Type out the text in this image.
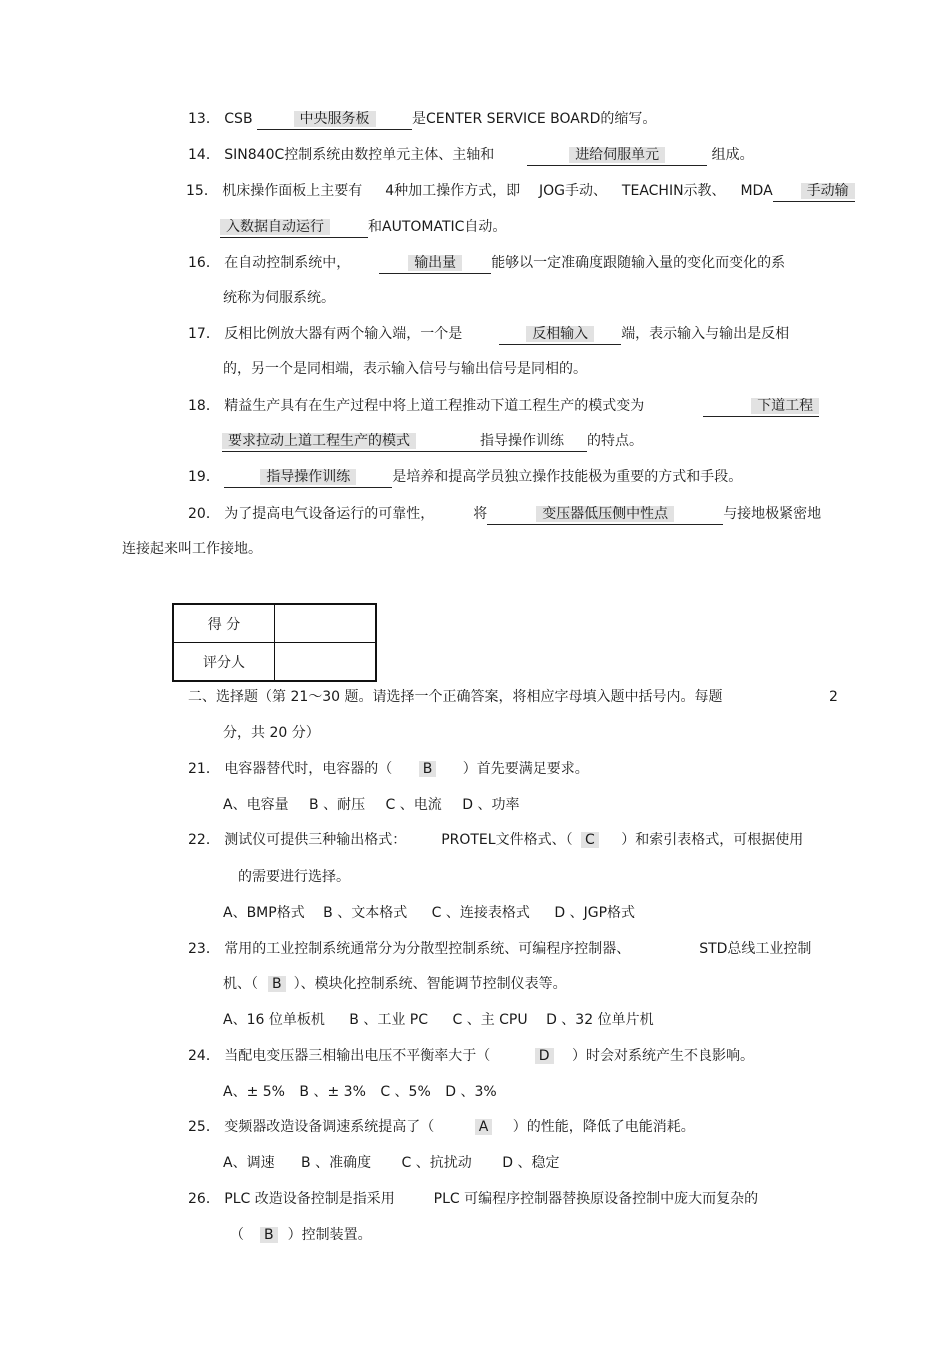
13． CSB	中央服务板	是CENTER SERVICE BOARD的缩写。
14． SIN840C控制系统由数控单元主体、主轴和	进给伺服单元	组成。
15． 机床操作面板上主要有 4种加工操作方式，即 JOG手动、 TEACHIN示教、 MDA 手动输
入数据自动运行	和AUTOMATIC自动。
16． 在自动控制系统中，	输出量	能够以一定准确度跟随输入量的变化而变化的系
统称为伺服系统。
17． 反相比例放大器有两个输入端，一个是	反相输入 端，表示输入与输出是反相
的，另一个是同相端，表示输入信号与输出信号是同相的。
18． 精益生产具有在生产过程中将上道工程推动下道工程生产的模式变为	下道工程
要求拉动上道工程生产的模式	指导操作训练 的特点。
19．	指导操作训练	是培养和提高学员独立操作技能极为重要的方式和手段。
20． 为了提高电气设备运行的可靠性，	将	变压器低压侧中性点	与接地极紧密地
连接起来叫工作接地。
得 分	
评分人	
二、选择题（第 21～30 题。请选择一个正确答案，将相应字母填入题中括号内。每题	2
分，共 20 分）
21． 电容器替代时，电容器的（ B ）首先要满足要求。
A、电容量 B 、耐压 C 、电流 D 、功率
22． 测试仪可提供三种输出格式： PROTEL文件格式、（ C ）和索引表格式，可根据使用
的需要进行选择。
A、BMP格式 B 、文本格式 C 、连接表格式 D 、JGP格式
23． 常用的工业控制系统通常分为分散型控制系统、可编程序控制器、	STD总线工业控制
机、（ B ）、模块化控制系统、智能调节控制仪表等。
A、16 位单板机 B 、工业 PC C 、主 CPU D 、32 位单片机
24． 当配电变压器三相输出电压不平衡率大于（	D ）时会对系统产生不良影响。
A、± 5% B 、± 3% C 、5% D 、3%
25． 变频器改造设备调速系统提高了（	A ）的性能，降低了电能消耗。
A、调速 B 、准确度 C 、抗扰动 D 、稳定
26． PLC 改造设备控制是指采用	PLC 可编程序控制器替换原设备控制中庞大而复杂的
（ B ）控制装置。
